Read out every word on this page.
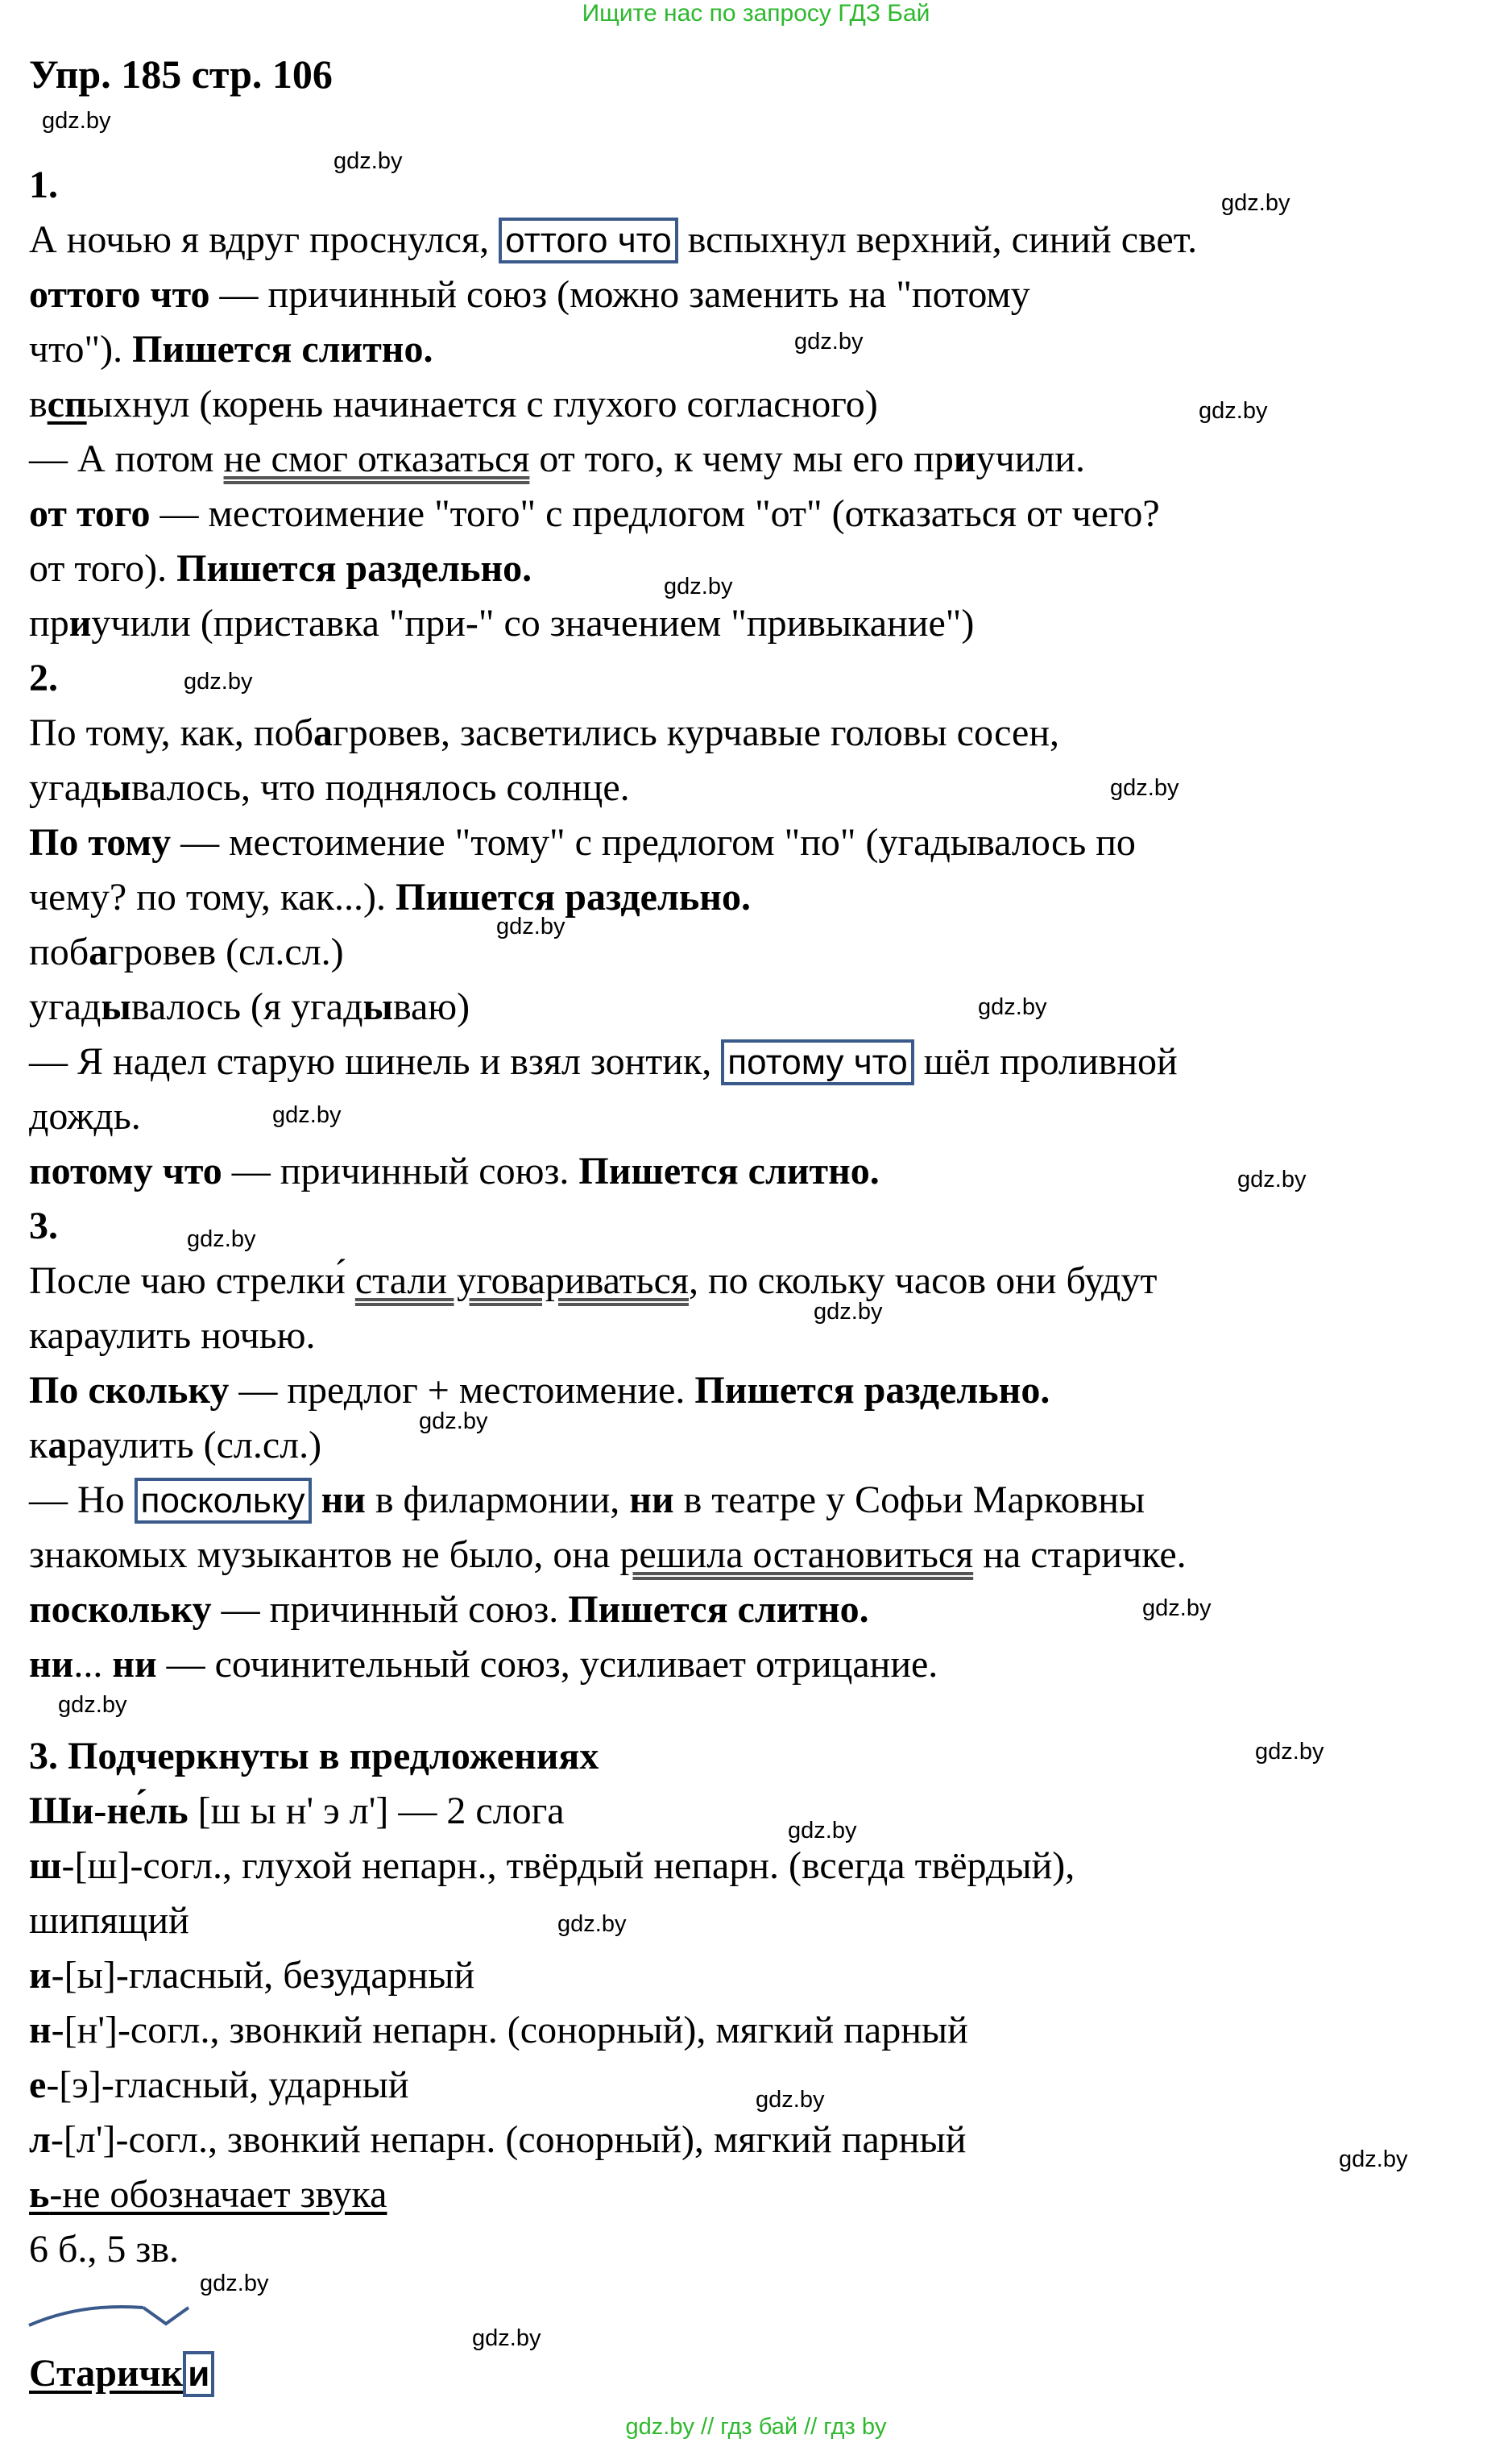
Ищите нас по запросу ГДЗ Бай
Упр. 185 стр. 106
1.
А ночью я вдруг проснулся, оттого что вспыхнул верхний, синий свет.
оттого что — причинный союз (можно заменить на "потому
что"). Пишется слитно.
вспыхнул (корень начинается с глухого согласного)
— А потом не смог отказаться от того, к чему мы его приучили.
от того — местоимение "того" с предлогом "от" (отказаться от чего?
от того). Пишется раздельно.
приучили (приставка "при-" со значением "привыкание")
2.
По тому, как, побагровев, засветились курчавые головы сосен,
угадывалось, что поднялось солнце.
По тому — местоимение "тому" с предлогом "по" (угадывалось по
чему? по тому, как...). Пишется раздельно.
побагровев (сл.сл.)
угадывалось (я угадываю)
— Я надел старую шинель и взял зонтик, потому что шёл проливной
дождь.
потому что — причинный союз. Пишется слитно.
3.
После чаю стрелки́ стали уговариваться, по скольку часов они будут
караулить ночью.
По скольку — предлог + местоимение. Пишется раздельно.
караулить (сл.сл.)
— Но поскольку ни в филармонии, ни в театре у Софьи Марковны
знакомых музыкантов не было, она решила остановиться на старичке.
поскольку — причинный союз. Пишется слитно.
ни... ни — сочинительный союз, усиливает отрицание.
3. Подчеркнуты в предложениях
Ши-не́ль [ш ы н' э л'] — 2 слога
ш-[ш]-согл., глухой непарн., твёрдый непарн. (всегда твёрдый),
шипящий
и-[ы]-гласный, безударный
н-[н']-согл., звонкий непарн. (сонорный), мягкий парный
е-[э]-гласный, ударный
л-[л']-согл., звонкий непарн. (сонорный), мягкий парный
ь-не обозначает звука
6 б., 5 зв.
Старичк и
gdz.by
gdz.by
gdz.by
gdz.by
gdz.by
gdz.by
gdz.by
gdz.by
gdz.by
gdz.by
gdz.by
gdz.by
gdz.by
gdz.by
gdz.by
gdz.by
gdz.by
gdz.by
gdz.by
gdz.by
gdz.by
gdz.by
gdz.by
gdz.by
gdz.by // гдз бай // гдз by
